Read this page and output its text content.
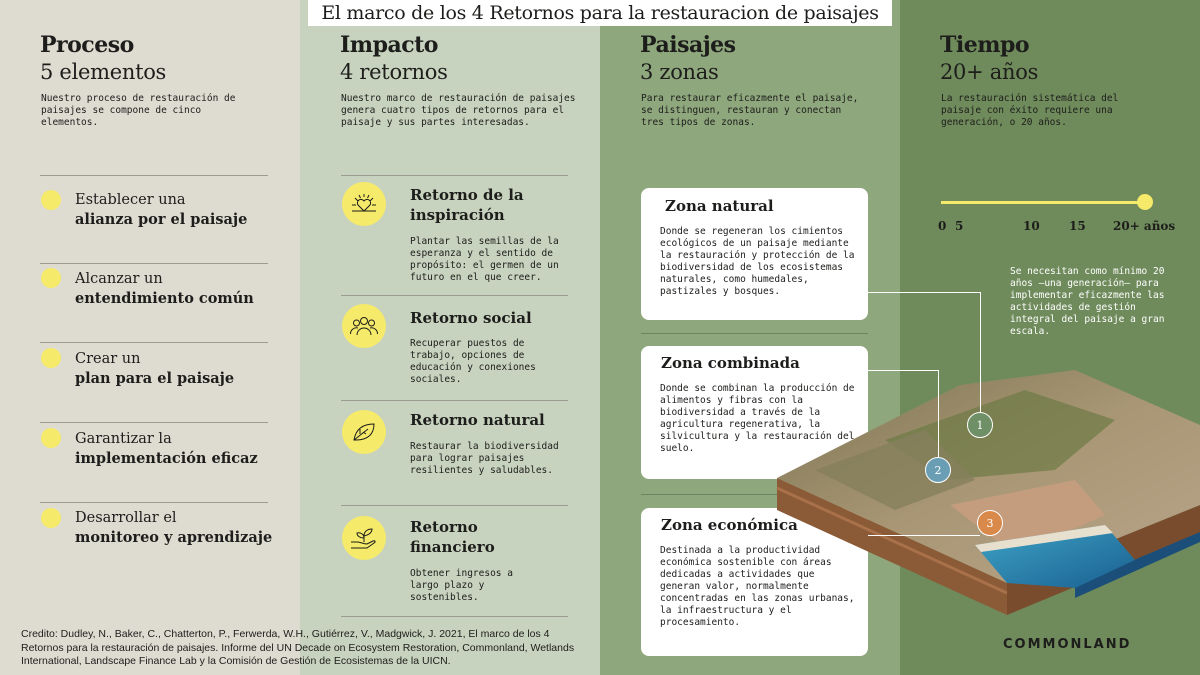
El marco de los 4 Retornos para la restauracion de paisajes
Proceso
5 elementos
Nuestro proceso de restauración de paisajes se compone de cinco elementos.
Impacto
4 retornos
Nuestro marco de restauración de paisajes genera cuatro tipos de retornos para el paisaje y sus partes interesadas.
Paisajes
3 zonas
Para restaurar eficazmente el paisaje, se distinguen, restauran y conectan tres tipos de zonas.
Tiempo
20+ años
La restauración sistemática del paisaje con éxito requiere una generación, o 20 años.
Establecer una
alianza por el paisaje
Alcanzar un
entendimiento común
Crear un
plan para el paisaje
Garantizar la
implementación eficaz
Desarrollar el
monitoreo y aprendizaje
Retorno de la inspiración
Plantar las semillas de la esperanza y el sentido de propósito: el germen de un futuro en el que creer.
Retorno social
Recuperar puestos de trabajo, opciones de educación y conexiones sociales.
Retorno natural
Restaurar la biodiversidad para lograr paisajes resilientes y saludables.
Retorno financiero
Obtener ingresos a largo plazo y sostenibles.
Zona natural

Donde se regeneran los cimientos ecológicos de un paisaje mediante la restauración y protección de la biodiversidad de los ecosistemas naturales, como humedales, pastizales y bosques.

Zona combinada

Donde se combinan la producción de alimentos y fibras con la biodiversidad a través de la agricultura regenerativa, la silvicultura y la restauración del suelo.

Zona económica

Destinada a la productividad económica sostenible con áreas dedicadas a actividades que generan valor, normalmente concentradas en las zonas urbanas, la infraestructura y el procesamiento.

0 5	10 15 20+ años
Se necesitan como mínimo 20 años —una generación— para implementar eficazmente las actividades de gestión integral del paisaje a gran escala.
1
2
3
COMMONLAND
Credito: Dudley, N., Baker, C., Chatterton, P., Ferwerda, W.H., Gutiérrez, V., Madgwick, J. 2021, El marco de los 4 Retornos para la restauración de paisajes. Informe del UN Decade on Ecosystem Restoration, Commonland, Wetlands International, Landscape Finance Lab y la Comisión de Gestión de Ecosistemas de la UICN.
